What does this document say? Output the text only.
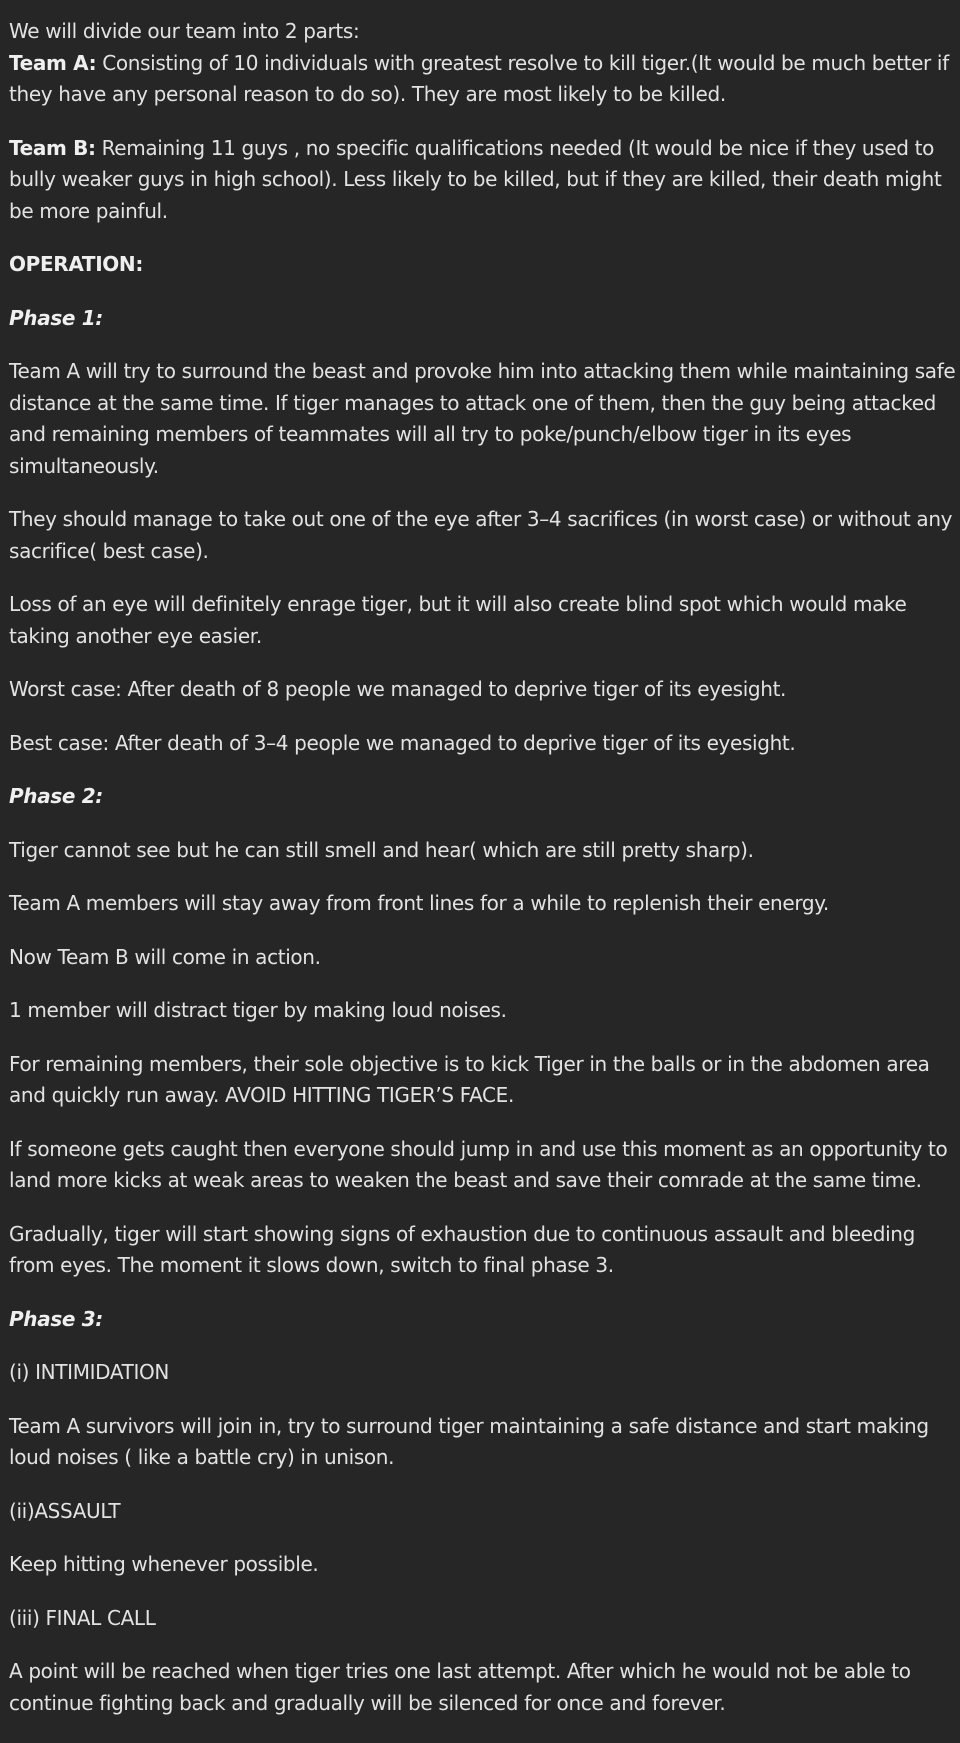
We will divide our team into 2 parts:
Team A: Consisting of 10 individuals with greatest resolve to kill tiger.(It would be much better if they have any personal reason to do so). They are most likely to be killed.

Team B: Remaining 11 guys , no specific qualifications needed (It would be nice if they used to bully weaker guys in high school). Less likely to be killed, but if they are killed, their death might be more painful.

OPERATION:

Phase 1:

Team A will try to surround the beast and provoke him into attacking them while maintaining safe distance at the same time. If tiger manages to attack one of them, then the guy being attacked and remaining members of teammates will all try to poke/punch/elbow tiger in its eyes simultaneously.

They should manage to take out one of the eye after 3–4 sacrifices (in worst case) or without any sacrifice( best case).

Loss of an eye will definitely enrage tiger, but it will also create blind spot which would make taking another eye easier.

Worst case: After death of 8 people we managed to deprive tiger of its eyesight.

Best case: After death of 3–4 people we managed to deprive tiger of its eyesight.

Phase 2:

Tiger cannot see but he can still smell and hear( which are still pretty sharp).

Team A members will stay away from front lines for a while to replenish their energy.

Now Team B will come in action.

1 member will distract tiger by making loud noises.

For remaining members, their sole objective is to kick Tiger in the balls or in the abdomen area and quickly run away. AVOID HITTING TIGER’S FACE.

If someone gets caught then everyone should jump in and use this moment as an opportunity to land more kicks at weak areas to weaken the beast and save their comrade at the same time.

Gradually, tiger will start showing signs of exhaustion due to continuous assault and bleeding from eyes. The moment it slows down, switch to final phase 3.

Phase 3:

(i) INTIMIDATION

Team A survivors will join in, try to surround tiger maintaining a safe distance and start making loud noises ( like a battle cry) in unison.

(ii)ASSAULT

Keep hitting whenever possible.

(iii) FINAL CALL

A point will be reached when tiger tries one last attempt. After which he would not be able to continue fighting back and gradually will be silenced for once and forever.
